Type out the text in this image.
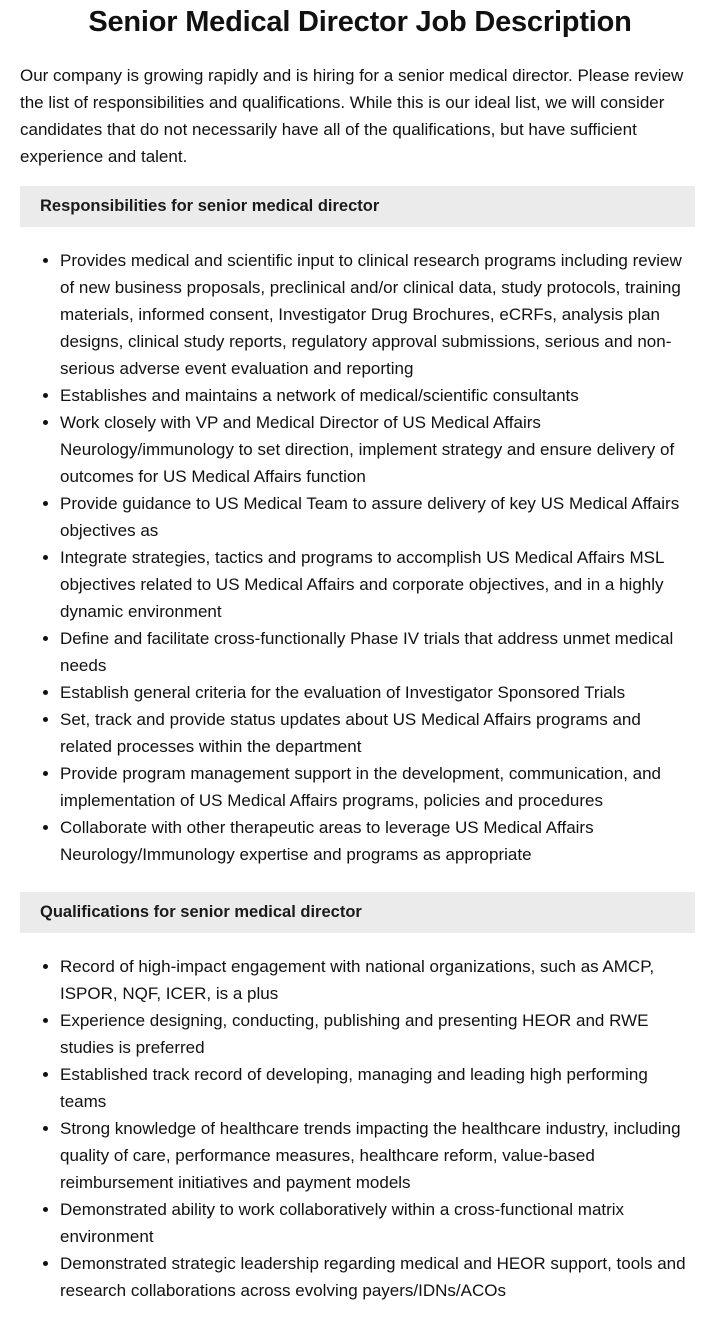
Senior Medical Director Job Description

Our company is growing rapidly and is hiring for a senior medical director. Please review the list of responsibilities and qualifications. While this is our ideal list, we will consider candidates that do not necessarily have all of the qualifications, but have sufficient experience and talent.

Responsibilities for senior medical director
• Provides medical and scientific input to clinical research programs including review of new business proposals, preclinical and/or clinical data, study protocols, training materials, informed consent, Investigator Drug Brochures, eCRFs, analysis plan designs, clinical study reports, regulatory approval submissions, serious and non-serious adverse event evaluation and reporting
• Establishes and maintains a network of medical/scientific consultants
• Work closely with VP and Medical Director of US Medical Affairs Neurology/immunology to set direction, implement strategy and ensure delivery of outcomes for US Medical Affairs function
• Provide guidance to US Medical Team to assure delivery of key US Medical Affairs objectives as
• Integrate strategies, tactics and programs to accomplish US Medical Affairs MSL objectives related to US Medical Affairs and corporate objectives, and in a highly dynamic environment
• Define and facilitate cross-functionally Phase IV trials that address unmet medical needs
• Establish general criteria for the evaluation of Investigator Sponsored Trials
• Set, track and provide status updates about US Medical Affairs programs and related processes within the department
• Provide program management support in the development, communication, and implementation of US Medical Affairs programs, policies and procedures
• Collaborate with other therapeutic areas to leverage US Medical Affairs Neurology/Immunology expertise and programs as appropriate
Qualifications for senior medical director
• Record of high-impact engagement with national organizations, such as AMCP, ISPOR, NQF, ICER, is a plus
• Experience designing, conducting, publishing and presenting HEOR and RWE studies is preferred
• Established track record of developing, managing and leading high performing teams
• Strong knowledge of healthcare trends impacting the healthcare industry, including quality of care, performance measures, healthcare reform, value-based reimbursement initiatives and payment models
• Demonstrated ability to work collaboratively within a cross-functional matrix environment
• Demonstrated strategic leadership regarding medical and HEOR support, tools and research collaborations across evolving payers/IDNs/ACOs
